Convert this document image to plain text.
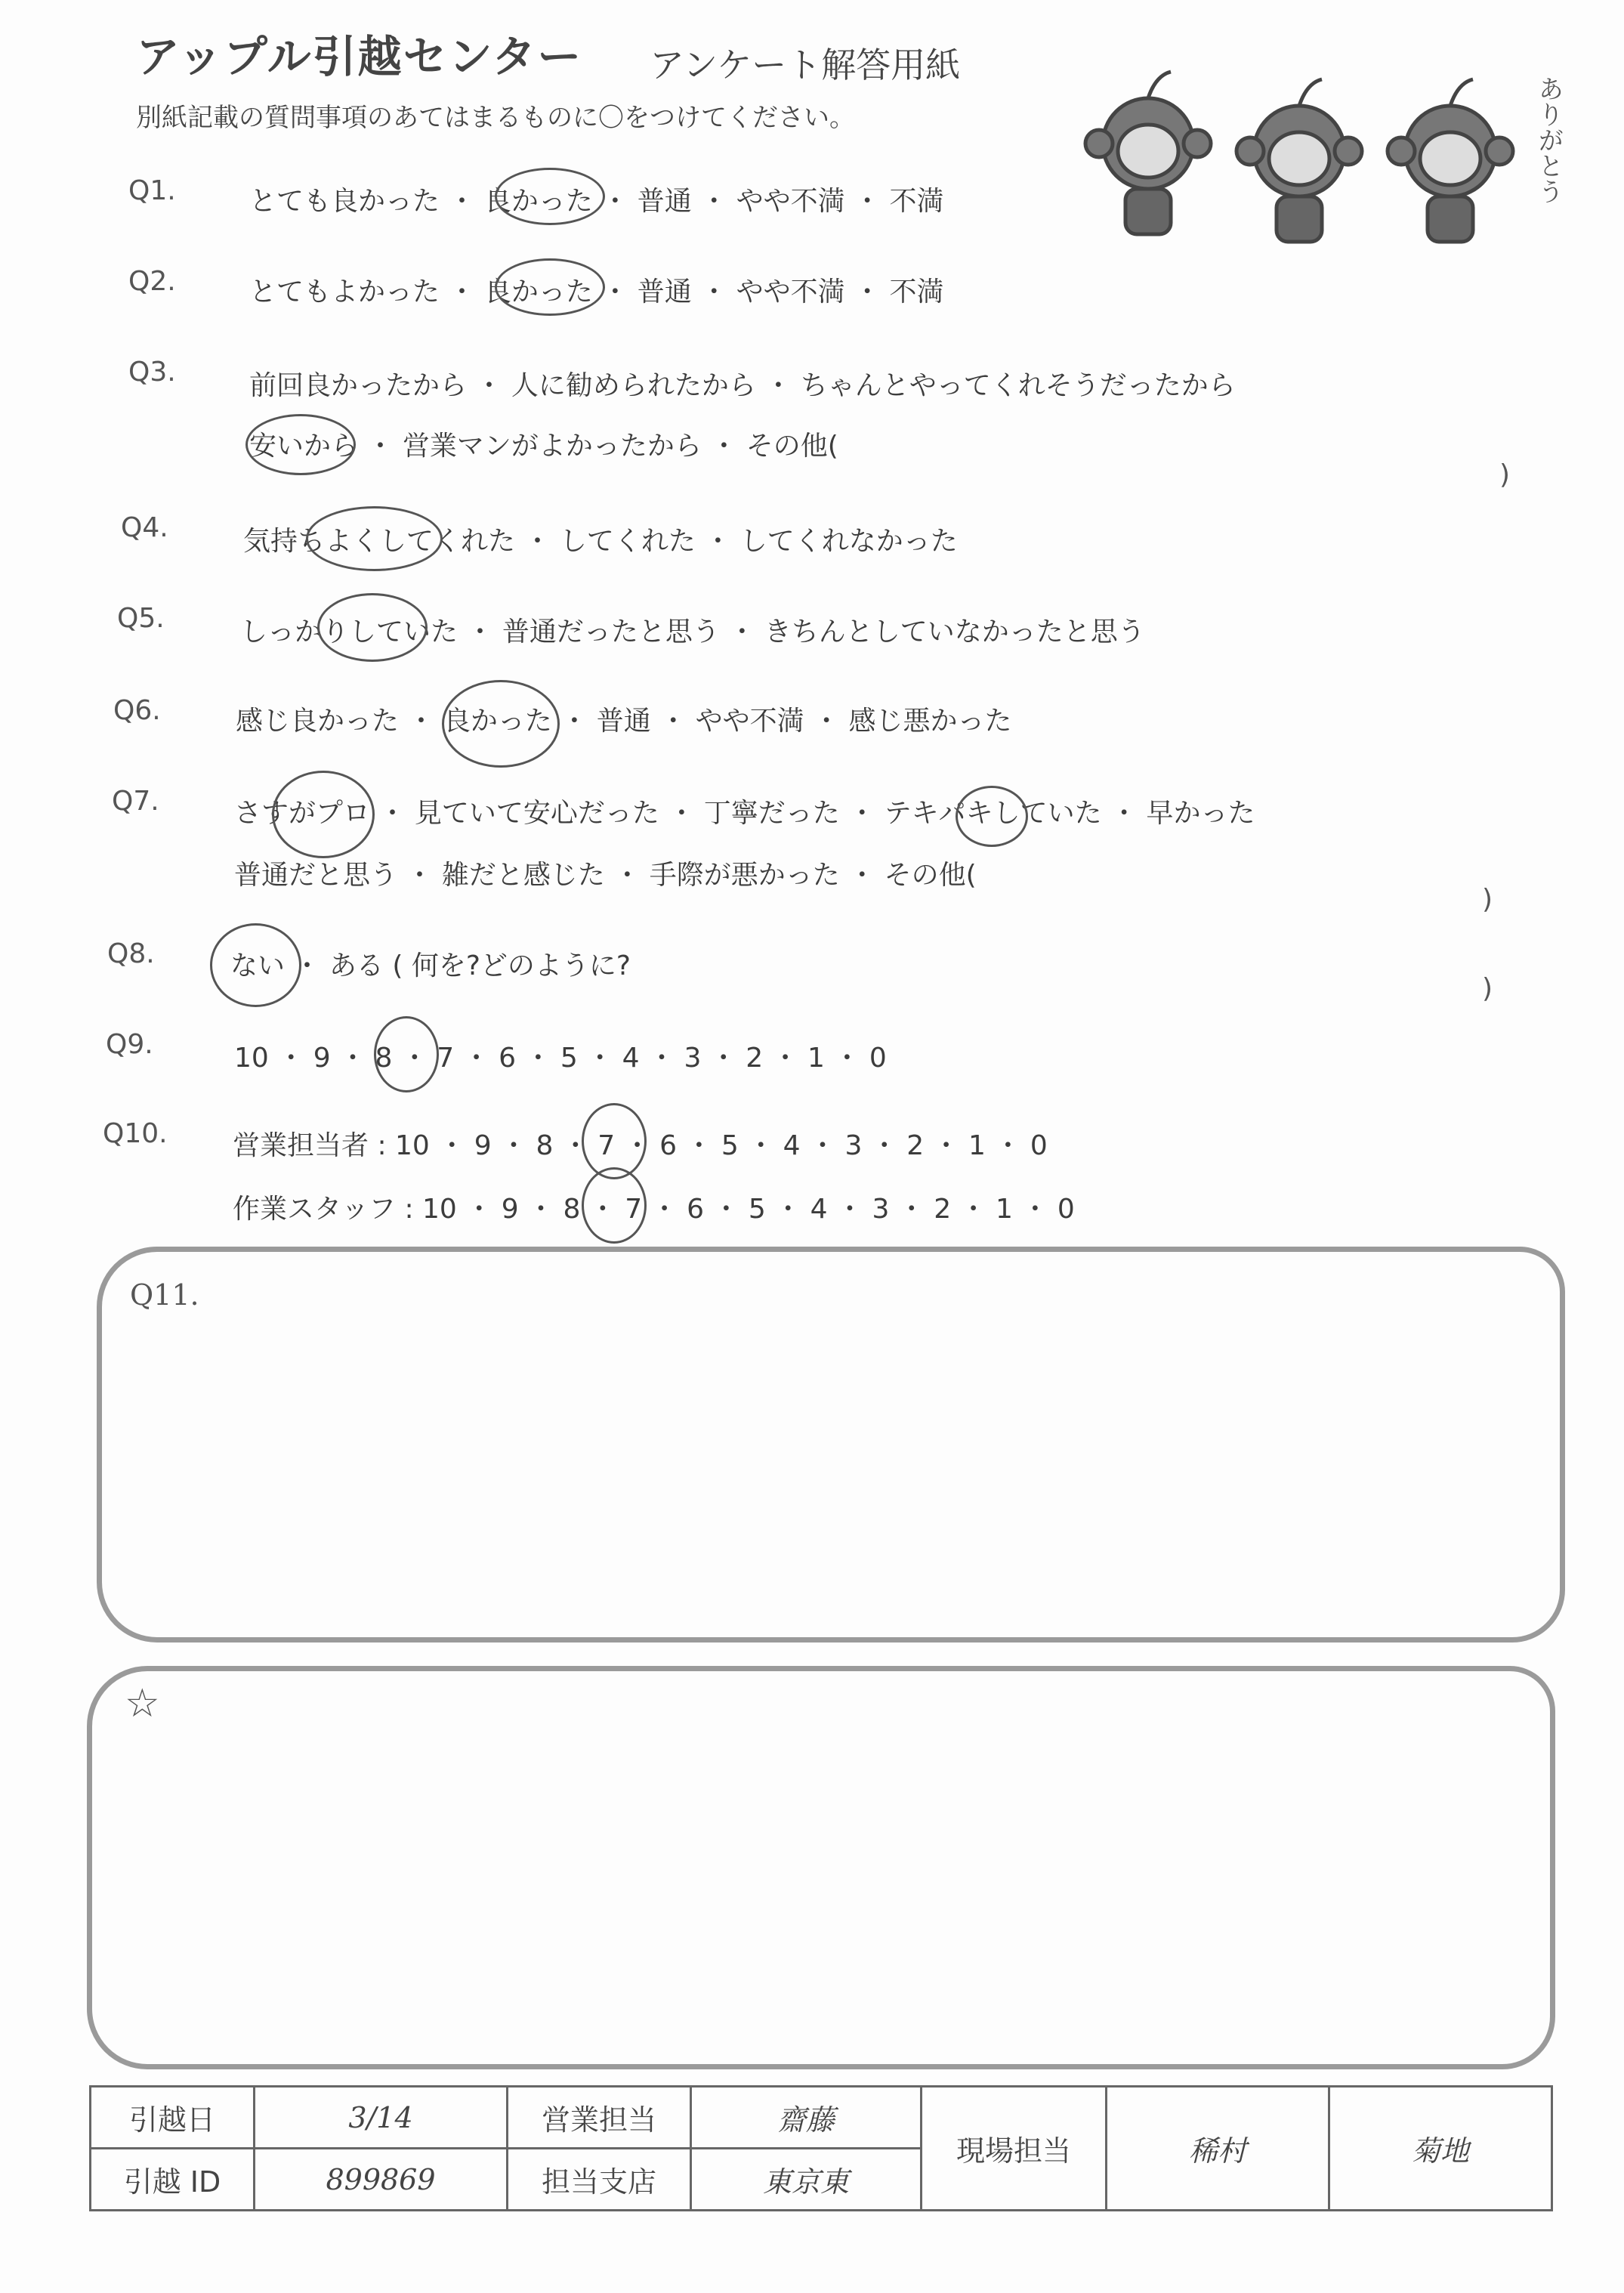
アップル引越センター アンケート解答用紙
別紙記載の質問事項のあてはまるものに〇をつけてください。	ありがとう
Q1.	とても良かった ・ 良かった ・ 普通 ・ やや不満 ・ 不満
Q2.	とてもよかった ・ 良かった ・ 普通 ・ やや不満 ・ 不満
Q3.	前回良かったから ・ 人に勧められたから ・ ちゃんとやってくれそうだったから
安いから ・ 営業マンがよかったから ・ その他(
)
Q4.	気持ちよくしてくれた ・ してくれた ・ してくれなかった
Q5.	しっかりしていた ・ 普通だったと思う ・ きちんとしていなかったと思う
Q6.	感じ良かった ・ 良かった ・ 普通 ・ やや不満 ・ 感じ悪かった
Q7.	さすがプロ ・ 見ていて安心だった ・ 丁寧だった ・ テキパキしていた ・ 早かった
普通だと思う ・ 雑だと感じた ・ 手際が悪かった ・ その他(
)
Q8.	ない ・ ある ( 何を?どのように?
)
Q9.	10 ・ 9 ・ 8 ・ 7 ・ 6 ・ 5 ・ 4 ・ 3 ・ 2 ・ 1 ・ 0
Q10. 営業担当者 : 10 ・ 9 ・ 8 ・ 7 ・ 6 ・ 5 ・ 4 ・ 3 ・ 2 ・ 1 ・ 0
作業スタッフ : 10 ・ 9 ・ 8 ・ 7 ・ 6 ・ 5 ・ 4 ・ 3 ・ 2 ・ 1 ・ 0
Q11.
☆
引越日	3/14	営業担当	齋藤	現場担当	稀村	菊地
引越 ID	899869	担当支店	東京東			
